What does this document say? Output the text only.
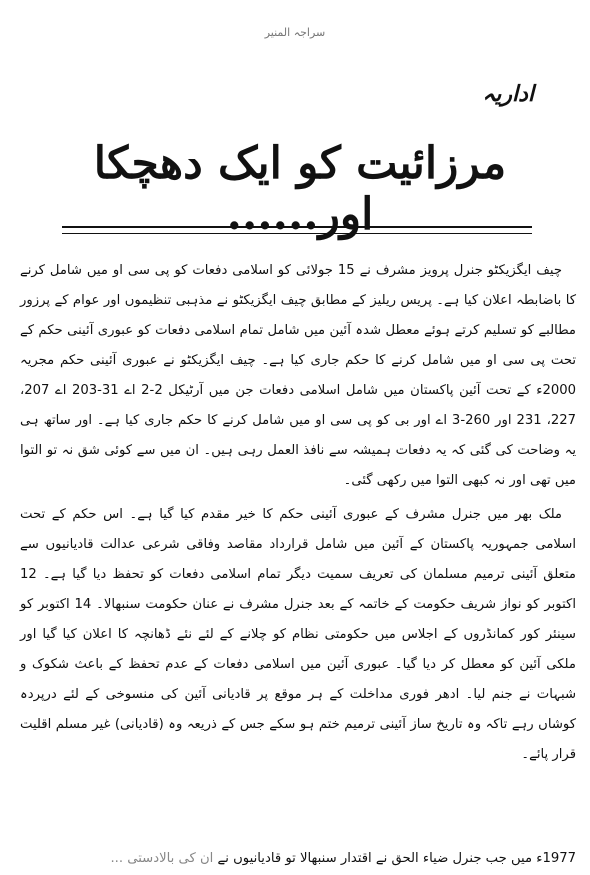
سراجہ المنیر
اداریہ
مرزائیت کو ایک دھچکا اور......

چیف ایگزیکٹو جنرل پرویز مشرف نے 15 جولائی کو اسلامی دفعات کو پی سی او میں شامل کرنے کا باضابطہ اعلان کیا ہے۔ پریس ریلیز کے مطابق چیف ایگزیکٹو نے مذہبی تنظیموں اور عوام کے پرزور مطالبے کو تسلیم کرتے ہوئے معطل شدہ آئین میں شامل تمام اسلامی دفعات کو عبوری آئینی حکم کے تحت پی سی او میں شامل کرنے کا حکم جاری کیا ہے۔ چیف ایگزیکٹو نے عبوری آئینی حکم مجریہ 2000ء کے تحت آئین پاکستان میں شامل اسلامی دفعات جن میں آرٹیکل 2-2 اے 31-203 اے 207، 227، 231 اور 260-3 اے اور بی کو پی سی او میں شامل کرنے کا حکم جاری کیا ہے۔ اور ساتھ ہی یہ وضاحت کی گئی کہ یہ دفعات ہمیشہ سے نافذ العمل رہی ہیں۔ ان میں سے کوئی شق نہ تو التوا میں تھی اور نہ کبھی التوا میں رکھی گئی۔

ملک بھر میں جنرل مشرف کے عبوری آئینی حکم کا خیر مقدم کیا گیا ہے۔ اس حکم کے تحت اسلامی جمہوریہ پاکستان کے آئین میں شامل قرارداد مقاصد وفاقی شرعی عدالت قادیانیوں سے متعلق آئینی ترمیم مسلمان کی تعریف سمیت دیگر تمام اسلامی دفعات کو تحفظ دیا گیا ہے۔ 12 اکتوبر کو نواز شریف حکومت کے خاتمہ کے بعد جنرل مشرف نے عنان حکومت سنبھالا۔ 14 اکتوبر کو سینئر کور کمانڈروں کے اجلاس میں حکومتی نظام کو چلانے کے لئے نئے ڈھانچہ کا اعلان کیا گیا اور ملکی آئین کو معطل کر دیا گیا۔ عبوری آئین میں اسلامی دفعات کے عدم تحفظ کے باعث شکوک و شبہات نے جنم لیا۔ ادھر فوری مداخلت کے ہر موقع پر قادیانی آئین کی منسوخی کے لئے درپردہ کوشاں رہے تاکہ وہ تاریخ ساز آئینی ترمیم ختم ہو سکے جس کے ذریعہ وہ (قادیانی) غیر مسلم اقلیت قرار پائے۔

1977ء میں جب جنرل ضیاء الحق نے اقتدار سنبھالا تو قادیانیوں نے ان کی بالادستی ...
